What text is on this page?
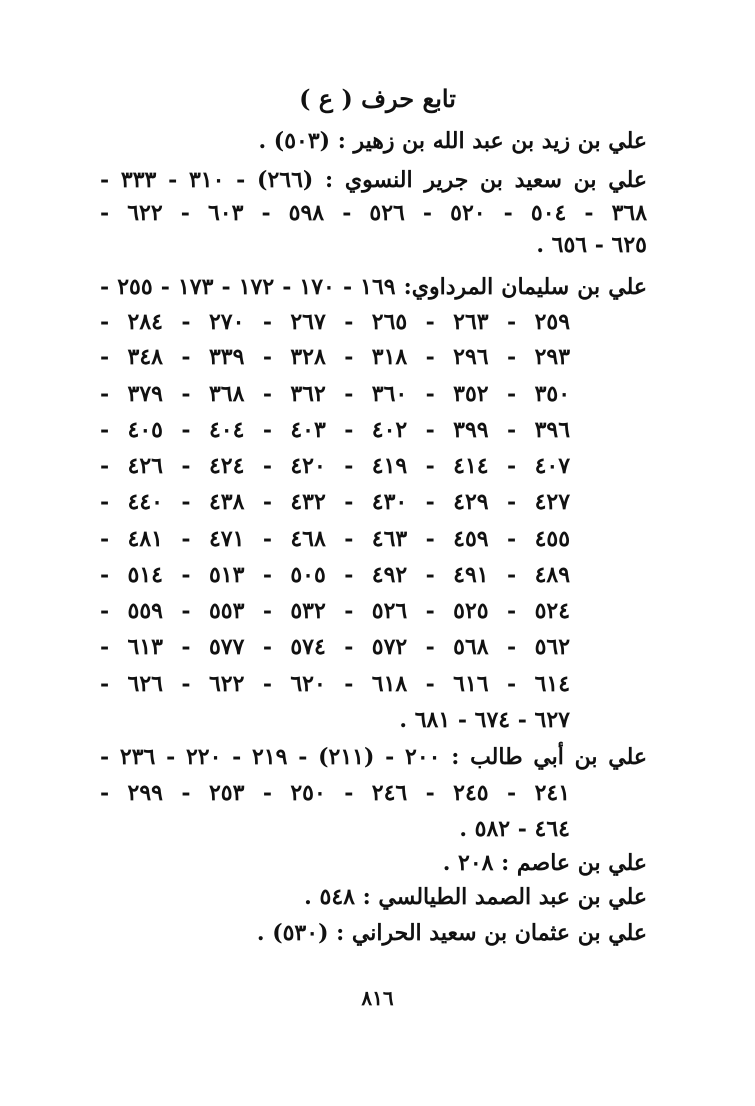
تابع حرف ( ع )
علي بن زيد بن عبد الله بن زهير : (٥٠٣) .
علي بن سعيد بن جرير النسوي : (٢٦٦) - ٣١٠ - ٣٣٣ -
٣٦٨ - ٥٠٤ - ٥٢٠ - ٥٢٦ - ٥٩٨ - ٦٠٣ - ٦٢٢ -
٦٢٥ - ٦٥٦ .
علي بن سليمان المرداوي: ١٦٩ - ١٧٠ - ١٧٢ - ١٧٣ - ٢٥٥ -
٢٥٩ - ٢٦٣ - ٢٦٥ - ٢٦٧ - ٢٧٠ - ٢٨٤ -
٢٩٣ - ٢٩٦ - ٣١٨ - ٣٢٨ - ٣٣٩ - ٣٤٨ -
٣٥٠ - ٣٥٢ - ٣٦٠ - ٣٦٢ - ٣٦٨ - ٣٧٩ -
٣٩٦ - ٣٩٩ - ٤٠٢ - ٤٠٣ - ٤٠٤ - ٤٠٥ -
٤٠٧ - ٤١٤ - ٤١٩ - ٤٢٠ - ٤٢٤ - ٤٢٦ -
٤٢٧ - ٤٢٩ - ٤٣٠ - ٤٣٢ - ٤٣٨ - ٤٤٠ -
٤٥٥ - ٤٥٩ - ٤٦٣ - ٤٦٨ - ٤٧١ - ٤٨١ -
٤٨٩ - ٤٩١ - ٤٩٢ - ٥٠٥ - ٥١٣ - ٥١٤ -
٥٢٤ - ٥٢٥ - ٥٢٦ - ٥٣٢ - ٥٥٣ - ٥٥٩ -
٥٦٢ - ٥٦٨ - ٥٧٢ - ٥٧٤ - ٥٧٧ - ٦١٣ -
٦١٤ - ٦١٦ - ٦١٨ - ٦٢٠ - ٦٢٢ - ٦٢٦ -
٦٢٧ - ٦٧٤ - ٦٨١ .
علي بن أبي طالب : ٢٠٠ - (٢١١) - ٢١٩ - ٢٢٠ - ٢٣٦ -
٢٤١ - ٢٤٥ - ٢٤٦ - ٢٥٠ - ٢٥٣ - ٢٩٩ -
٤٦٤ - ٥٨٢ .
علي بن عاصم : ٢٠٨ .
علي بن عبد الصمد الطيالسي : ٥٤٨ .
علي بن عثمان بن سعيد الحراني : (٥٣٠) .
٨١٦
